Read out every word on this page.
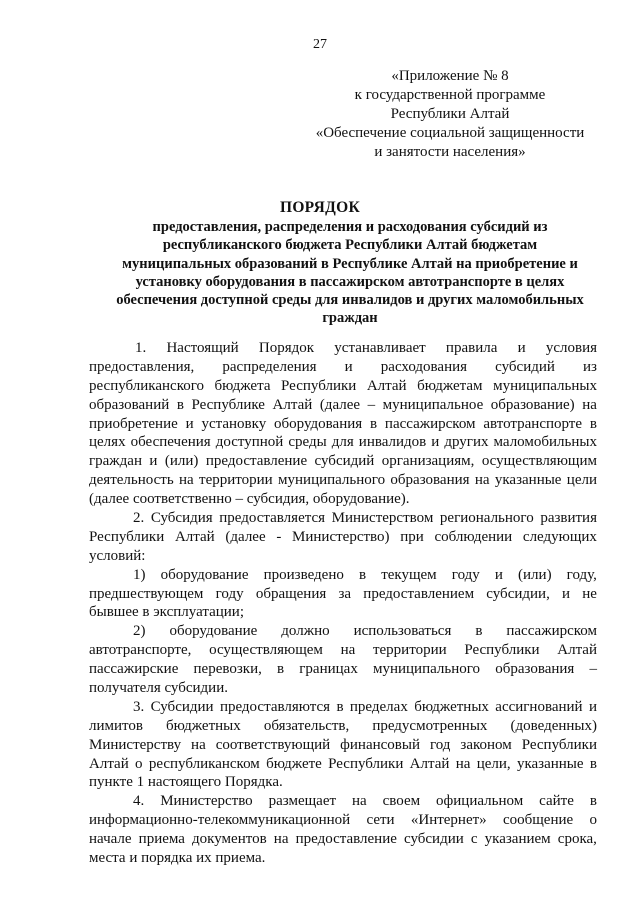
27
«Приложение № 8
к государственной программе
Республики Алтай
«Обеспечение социальной защищенности
и занятости населения»
ПОРЯДОК
предоставления, распределения и расходования субсидий из
республиканского бюджета Республики Алтай бюджетам
муниципальных образований в Республике Алтай на приобретение и
установку оборудования в пассажирском автотранспорте в целях
обеспечения доступной среды для инвалидов и других маломобильных
граждан
1. Настоящий Порядок устанавливает правила и условия
предоставления, распределения и расходования субсидий из
республиканского бюджета Республики Алтай бюджетам муниципальных
образований в Республике Алтай (далее – муниципальное образование) на
приобретение и установку оборудования в пассажирском автотранспорте в
целях обеспечения доступной среды для инвалидов и других маломобильных
граждан и (или) предоставление субсидий организациям, осуществляющим
деятельность на территории муниципального образования на указанные цели
(далее соответственно – субсидия, оборудование).
2. Субсидия предоставляется Министерством регионального развития
Республики Алтай (далее - Министерство) при соблюдении следующих
условий:
1) оборудование произведено в текущем году и (или) году,
предшествующем году обращения за предоставлением субсидии, и не
бывшее в эксплуатации;
2) оборудование должно использоваться в пассажирском
автотранспорте, осуществляющем на территории Республики Алтай
пассажирские перевозки, в границах муниципального образования –
получателя субсидии.
3. Субсидии предоставляются в пределах бюджетных ассигнований и
лимитов бюджетных обязательств, предусмотренных (доведенных)
Министерству на соответствующий финансовый год законом Республики
Алтай о республиканском бюджете Республики Алтай на цели, указанные в
пункте 1 настоящего Порядка.
4. Министерство размещает на своем официальном сайте в
информационно-телекоммуникационной сети «Интернет» сообщение о
начале приема документов на предоставление субсидии с указанием срока,
места и порядка их приема.
